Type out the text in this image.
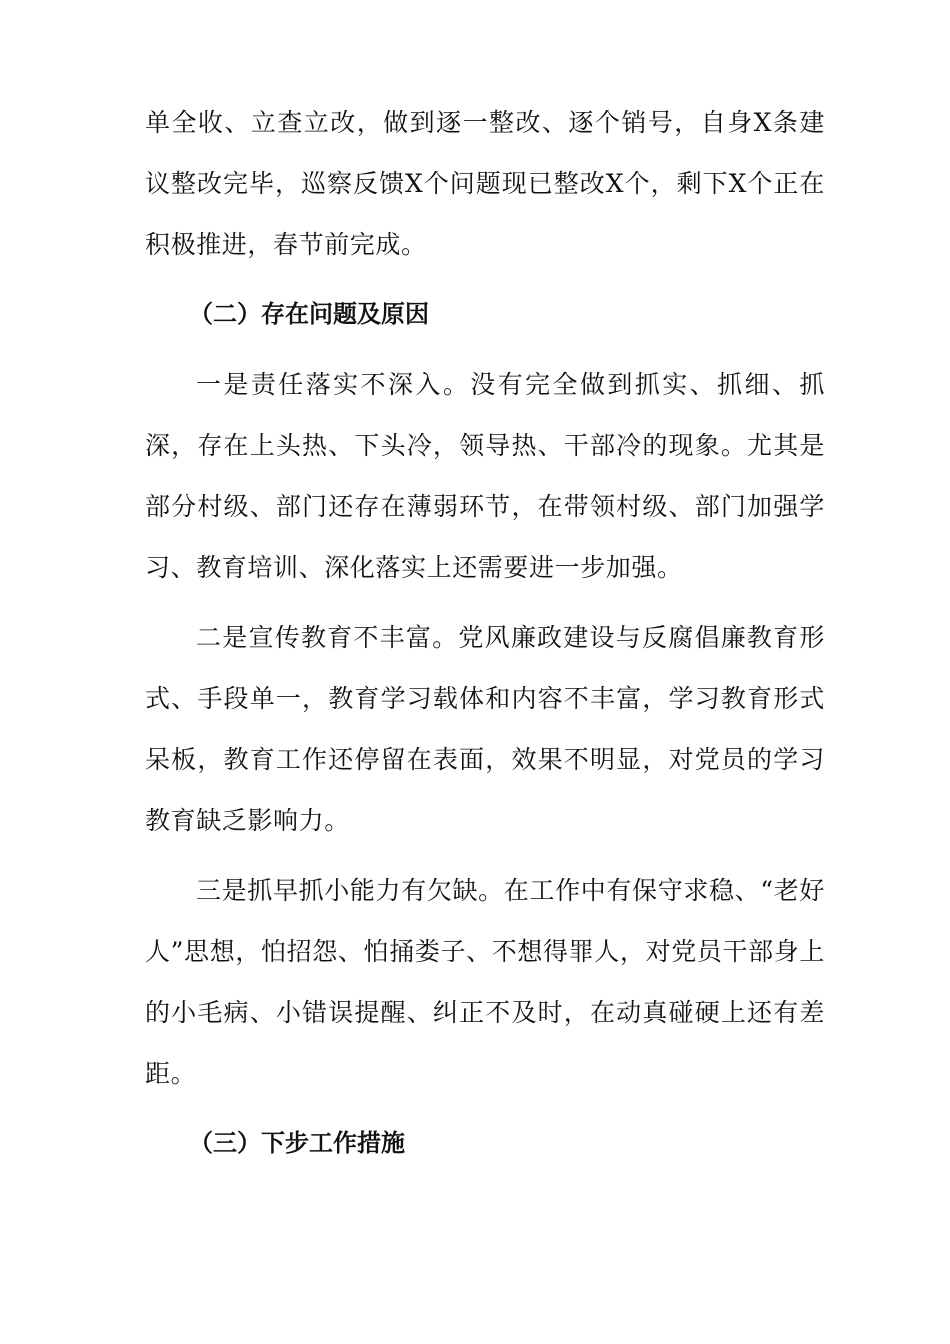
单全收、立查立改，做到逐一整改、逐个销号，自身X条建议整改完毕，巡察反馈X个问题现已整改X个，剩下X个正在积极推进，春节前完成。

（二）存在问题及原因

一是责任落实不深入。没有完全做到抓实、抓细、抓深，存在上头热、下头冷，领导热、干部冷的现象。尤其是部分村级、部门还存在薄弱环节，在带领村级、部门加强学习、教育培训、深化落实上还需要进一步加强。

二是宣传教育不丰富。党风廉政建设与反腐倡廉教育形式、手段单一，教育学习载体和内容不丰富，学习教育形式呆板，教育工作还停留在表面，效果不明显，对党员的学习教育缺乏影响力。

三是抓早抓小能力有欠缺。在工作中有保守求稳、“老好人”思想，怕招怨、怕捅娄子、不想得罪人，对党员干部身上的小毛病、小错误提醒、纠正不及时，在动真碰硬上还有差距。

（三）下步工作措施
